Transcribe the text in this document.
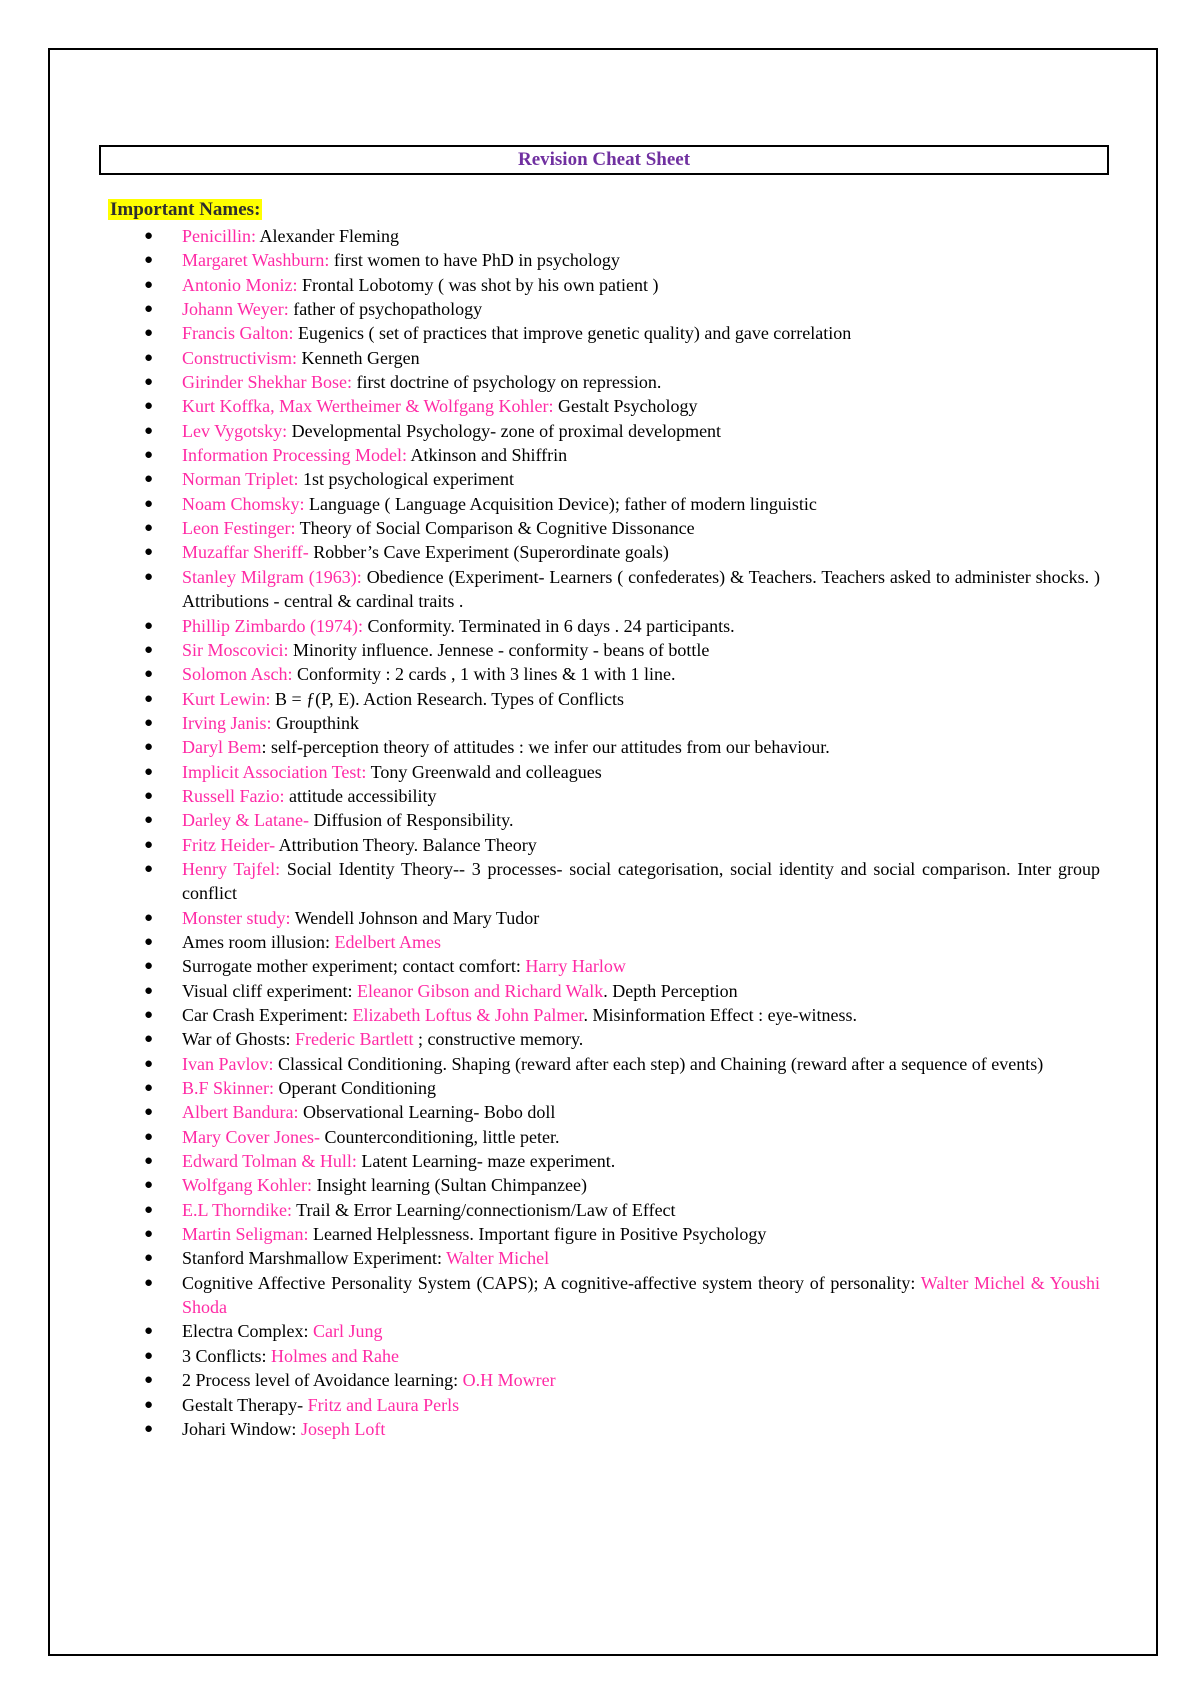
Revision Cheat Sheet
Important Names:
● Penicillin: Alexander Fleming
● Margaret Washburn: first women to have PhD in psychology
● Antonio Moniz: Frontal Lobotomy ( was shot by his own patient )
● Johann Weyer: father of psychopathology
● Francis Galton: Eugenics ( set of practices that improve genetic quality) and gave correlation
● Constructivism: Kenneth Gergen
● Girinder Shekhar Bose: first doctrine of psychology on repression.
● Kurt Koffka, Max Wertheimer & Wolfgang Kohler: Gestalt Psychology
● Lev Vygotsky: Developmental Psychology- zone of proximal development
● Information Processing Model: Atkinson and Shiffrin
● Norman Triplet: 1st psychological experiment
● Noam Chomsky: Language ( Language Acquisition Device); father of modern linguistic
● Leon Festinger: Theory of Social Comparison & Cognitive Dissonance
● Muzaffar Sheriff- Robber’s Cave Experiment (Superordinate goals)
● Stanley Milgram (1963): Obedience (Experiment- Learners ( confederates) & Teachers. Teachers asked to administer shocks. ) Attributions - central & cardinal traits .
● Phillip Zimbardo (1974): Conformity. Terminated in 6 days . 24 participants.
● Sir Moscovici: Minority influence. Jennese - conformity - beans of bottle
● Solomon Asch: Conformity : 2 cards , 1 with 3 lines & 1 with 1 line.
● Kurt Lewin: B = ƒ(P, E). Action Research. Types of Conflicts
● Irving Janis: Groupthink
● Daryl Bem: self-perception theory of attitudes : we infer our attitudes from our behaviour.
● Implicit Association Test: Tony Greenwald and colleagues
● Russell Fazio: attitude accessibility
● Darley & Latane- Diffusion of Responsibility.
● Fritz Heider- Attribution Theory. Balance Theory
● Henry Tajfel: Social Identity Theory-- 3 processes- social categorisation, social identity and social comparison. Inter group conflict
● Monster study: Wendell Johnson and Mary Tudor
● Ames room illusion: Edelbert Ames
● Surrogate mother experiment; contact comfort: Harry Harlow
● Visual cliff experiment: Eleanor Gibson and Richard Walk. Depth Perception
● Car Crash Experiment: Elizabeth Loftus & John Palmer. Misinformation Effect : eye-witness.
● War of Ghosts: Frederic Bartlett ; constructive memory.
● Ivan Pavlov: Classical Conditioning. Shaping (reward after each step) and Chaining (reward after a sequence of events)
● B.F Skinner: Operant Conditioning
● Albert Bandura: Observational Learning- Bobo doll
● Mary Cover Jones- Counterconditioning, little peter.
● Edward Tolman & Hull: Latent Learning- maze experiment.
● Wolfgang Kohler: Insight learning (Sultan Chimpanzee)
● E.L Thorndike: Trail & Error Learning/connectionism/Law of Effect
● Martin Seligman: Learned Helplessness. Important figure in Positive Psychology
● Stanford Marshmallow Experiment: Walter Michel
● Cognitive Affective Personality System (CAPS); A cognitive-affective system theory of personality: Walter Michel & Youshi Shoda
● Electra Complex: Carl Jung
● 3 Conflicts: Holmes and Rahe
● 2 Process level of Avoidance learning: O.H Mowrer
● Gestalt Therapy- Fritz and Laura Perls
● Johari Window: Joseph Loft
